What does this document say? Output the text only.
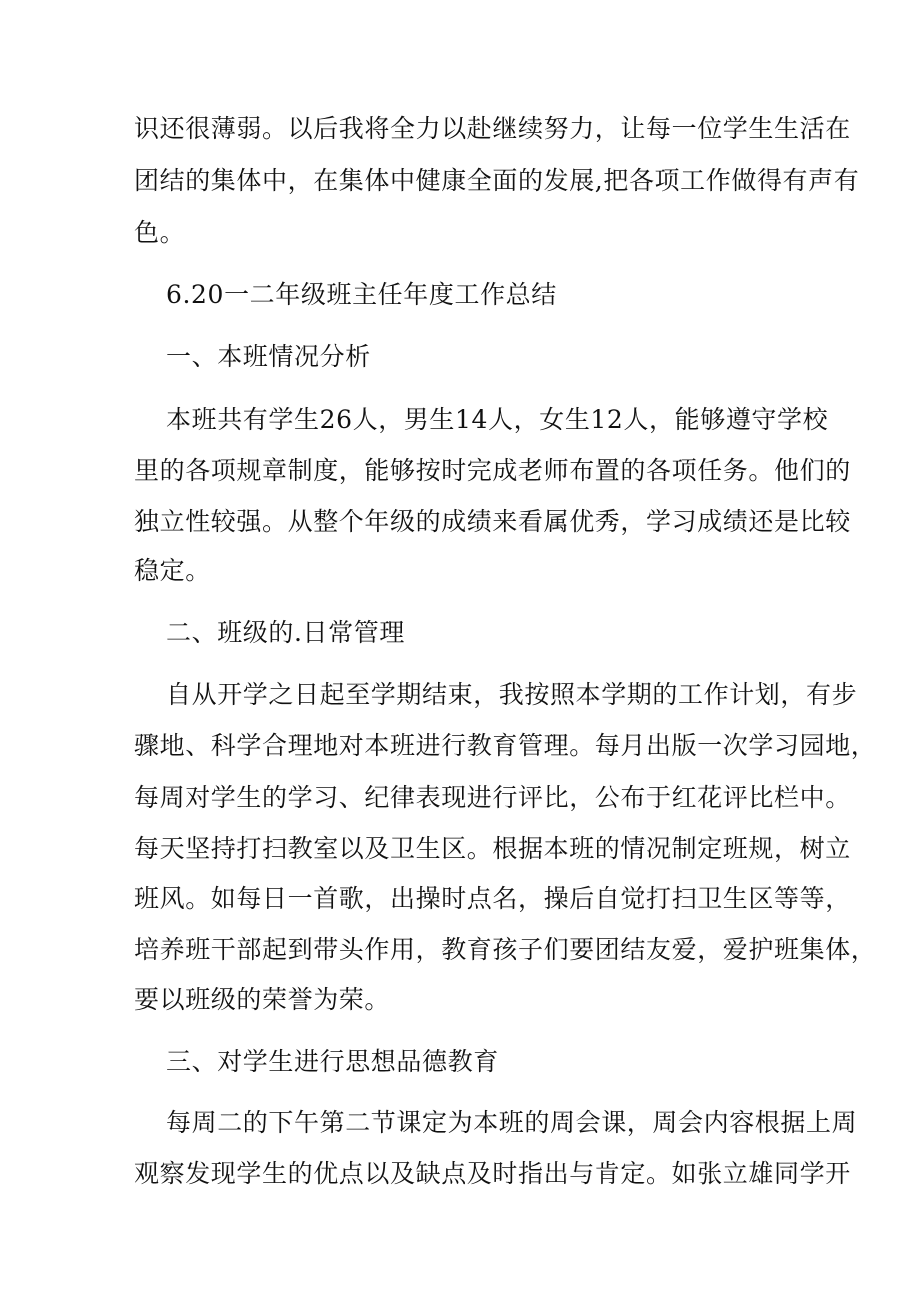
识还很薄弱。以后我将全力以赴继续努力，让每一位学生生活在
团结的集体中，在集体中健康全面的发展,把各项工作做得有声有
色。
6.20一二年级班主任年度工作总结
一、本班情况分析
本班共有学生26人，男生14人，女生12人，能够遵守学校
里的各项规章制度，能够按时完成老师布置的各项任务。他们的
独立性较强。从整个年级的成绩来看属优秀，学习成绩还是比较
稳定。
二、班级的.日常管理
自从开学之日起至学期结束，我按照本学期的工作计划，有步
骤地、科学合理地对本班进行教育管理。每月出版一次学习园地，
每周对学生的学习、纪律表现进行评比，公布于红花评比栏中。
每天坚持打扫教室以及卫生区。根据本班的情况制定班规，树立
班风。如每日一首歌，出操时点名，操后自觉打扫卫生区等等，
培养班干部起到带头作用，教育孩子们要团结友爱，爱护班集体，
要以班级的荣誉为荣。
三、对学生进行思想品德教育
每周二的下午第二节课定为本班的周会课，周会内容根据上周
观察发现学生的优点以及缺点及时指出与肯定。如张立雄同学开
